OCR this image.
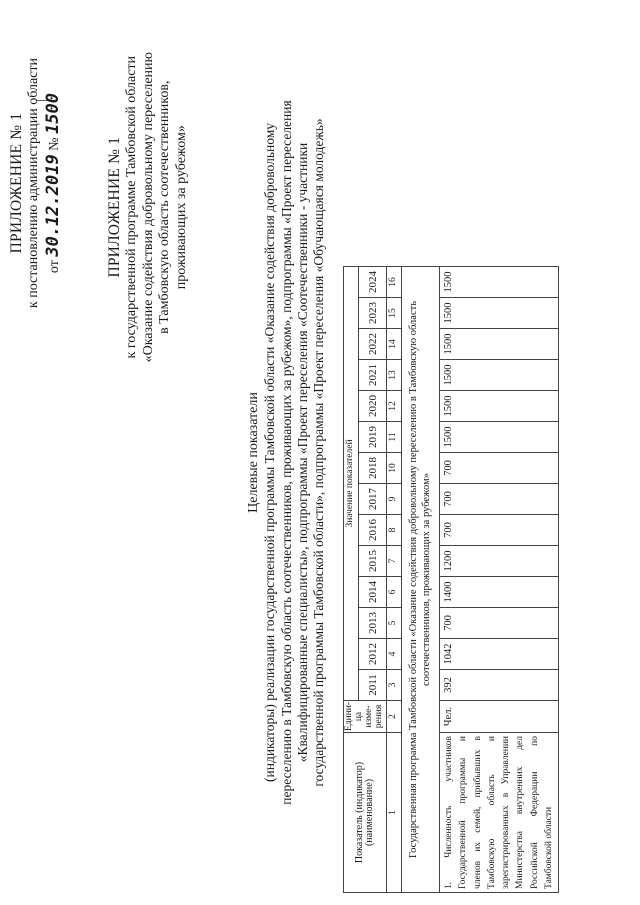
ПРИЛОЖЕНИЕ № 1 к постановлению администрации области от 30.12.2019 № 1500
ПРИЛОЖЕНИЕ № 1 к государственной программе Тамбовской области «Оказание содействия добровольному переселению в Тамбовскую область соотечественников, проживающих за рубежом»
Целевые показатели (индикаторы) реализации государственной программы Тамбовской области «Оказание содействия добровольному переселению в Тамбовскую область соотечественников, проживающих за рубежом», подпрограммы «Проект переселения «Квалифицированные специалисты», подпрограммы «Проект переселения «Соотечественники - участники государственной программы Тамбовской области», подпрограммы «Проект переселения «Обучающаяся молодежь»
Показатель (индикатор) (наименование)	Едини-ца изме-рения	Значение показателей													
		2011	2012	2013	2014	2015	2016	2017	2018	2019	2020	2021	2022	2023	2024
1	2	3	4	5	6	7	8	9	10	11	12	13	14	15	16
Государственная программа Тамбовской области «Оказание содействия добровольному переселению в Тамбовскую область соотечественников, проживающих за рубежом»															
1. Численность участников Государственной программы и членов их семей, прибывших в Тамбовскую область и зарегистрированных в Управлении Министерства внутренних дел Российской Федерации по Тамбовской области	Чел.	392	1042	700	1400	1200	700	700	700	1500	1500	1500	1500	1500	1500
